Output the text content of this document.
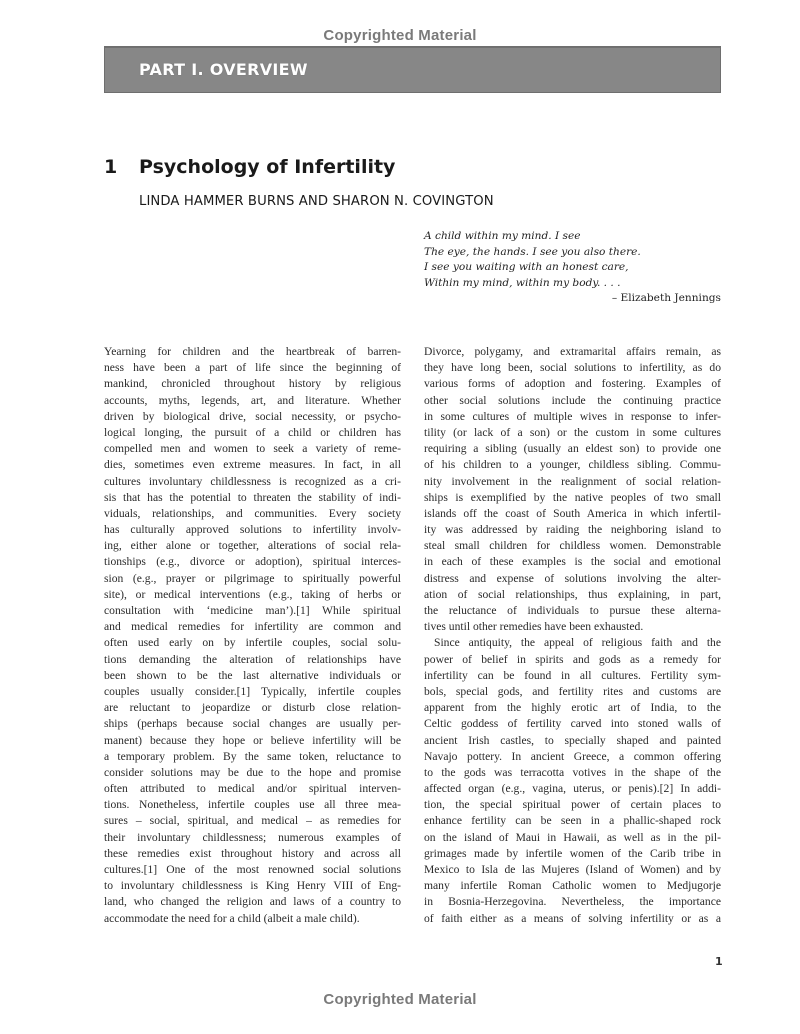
Copyrighted Material
PART I. OVERVIEW
1 Psychology of Infertility
LINDA HAMMER BURNS AND SHARON N. COVINGTON
A child within my mind. I see
The eye, the hands. I see you also there.
I see you waiting with an honest care,
Within my mind, within my body. . . .
– Elizabeth Jennings
Yearning for children and the heartbreak of barren-
ness have been a part of life since the beginning of
mankind, chronicled throughout history by religious
accounts, myths, legends, art, and literature. Whether
driven by biological drive, social necessity, or psycho-
logical longing, the pursuit of a child or children has
compelled men and women to seek a variety of reme-
dies, sometimes even extreme measures. In fact, in all
cultures involuntary childlessness is recognized as a cri-
sis that has the potential to threaten the stability of indi-
viduals, relationships, and communities. Every society
has culturally approved solutions to infertility involv-
ing, either alone or together, alterations of social rela-
tionships (e.g., divorce or adoption), spiritual interces-
sion (e.g., prayer or pilgrimage to spiritually powerful
site), or medical interventions (e.g., taking of herbs or
consultation with ‘medicine man’).[1] While spiritual
and medical remedies for infertility are common and
often used early on by infertile couples, social solu-
tions demanding the alteration of relationships have
been shown to be the last alternative individuals or
couples usually consider.[1] Typically, infertile couples
are reluctant to jeopardize or disturb close relation-
ships (perhaps because social changes are usually per-
manent) because they hope or believe infertility will be
a temporary problem. By the same token, reluctance to
consider solutions may be due to the hope and promise
often attributed to medical and/or spiritual interven-
tions. Nonetheless, infertile couples use all three mea-
sures – social, spiritual, and medical – as remedies for
their involuntary childlessness; numerous examples of
these remedies exist throughout history and across all
cultures.[1] One of the most renowned social solutions
to involuntary childlessness is King Henry VIII of Eng-
land, who changed the religion and laws of a country to
accommodate the need for a child (albeit a male child).
Divorce, polygamy, and extramarital affairs remain, as
they have long been, social solutions to infertility, as do
various forms of adoption and fostering. Examples of
other social solutions include the continuing practice
in some cultures of multiple wives in response to infer-
tility (or lack of a son) or the custom in some cultures
requiring a sibling (usually an eldest son) to provide one
of his children to a younger, childless sibling. Commu-
nity involvement in the realignment of social relation-
ships is exemplified by the native peoples of two small
islands off the coast of South America in which infertil-
ity was addressed by raiding the neighboring island to
steal small children for childless women. Demonstrable
in each of these examples is the social and emotional
distress and expense of solutions involving the alter-
ation of social relationships, thus explaining, in part,
the reluctance of individuals to pursue these alterna-
tives until other remedies have been exhausted.
Since antiquity, the appeal of religious faith and the
power of belief in spirits and gods as a remedy for
infertility can be found in all cultures. Fertility sym-
bols, special gods, and fertility rites and customs are
apparent from the highly erotic art of India, to the
Celtic goddess of fertility carved into stoned walls of
ancient Irish castles, to specially shaped and painted
Navajo pottery. In ancient Greece, a common offering
to the gods was terracotta votives in the shape of the
affected organ (e.g., vagina, uterus, or penis).[2] In addi-
tion, the special spiritual power of certain places to
enhance fertility can be seen in a phallic-shaped rock
on the island of Maui in Hawaii, as well as in the pil-
grimages made by infertile women of the Carib tribe in
Mexico to Isla de las Mujeres (Island of Women) and by
many infertile Roman Catholic women to Medjugorje
in Bosnia-Herzegovina. Nevertheless, the importance
of faith either as a means of solving infertility or as a
1
Copyrighted Material
